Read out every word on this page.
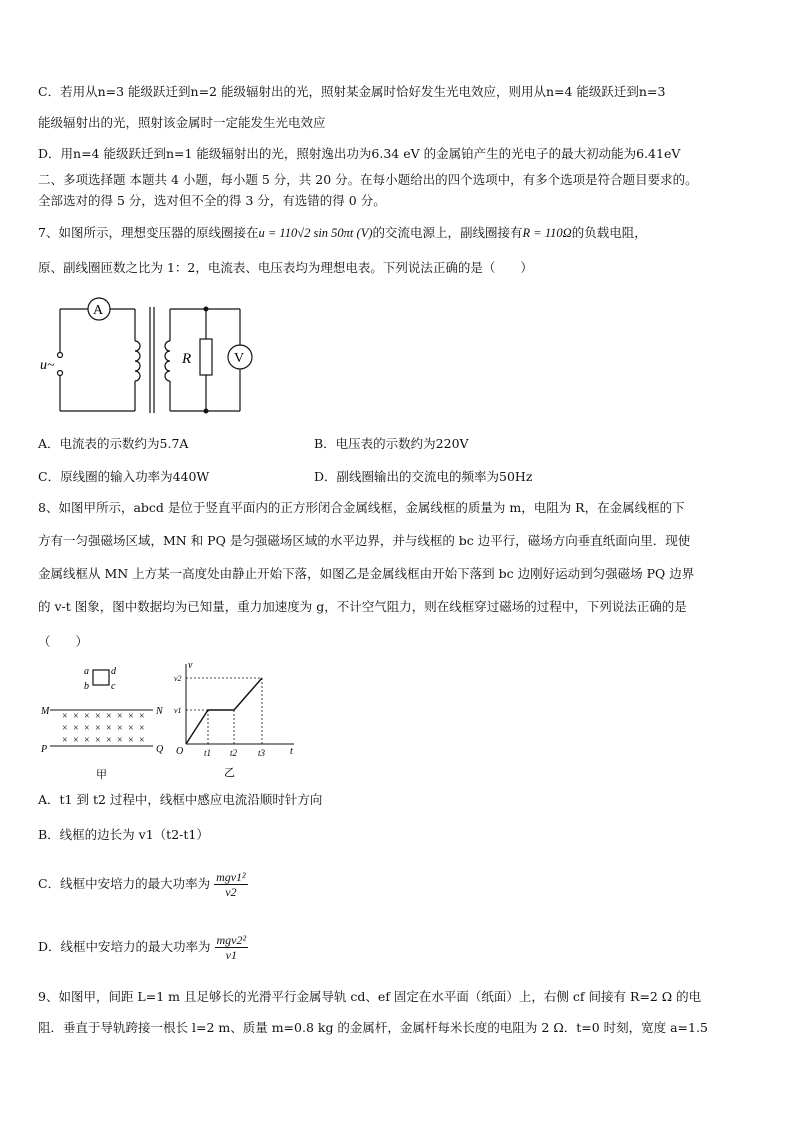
C．若用从n=3 能级跃迁到n=2 能级辐射出的光，照射某金属时恰好发生光电效应，则用从n=4 能级跃迁到n=3
能级辐射出的光，照射该金属时一定能发生光电效应
D．用n=4 能级跃迁到n=1 能级辐射出的光，照射逸出功为6.34 eV 的金属铂产生的光电子的最大初动能为6.41eV
二、多项选择题 本题共 4 小题，每小题 5 分，共 20 分。在每小题给出的四个选项中，有多个选项是符合题目要求的。
全部选对的得 5 分，选对但不全的得 3 分，有选错的得 0 分。
7、如图所示，理想变压器的原线圈接在u = 110√2 sin 50πt (V)的交流电源上，副线圈接有R = 110Ω的负载电阻，
原、副线圈匝数之比为 1：2，电流表、电压表均为理想电表。下列说法正确的是（　　）
A
V
R
u~
A．电流表的示数约为5.7A	B．电压表的示数约为220V
C．原线圈的输入功率为440W	D．副线圈输出的交流电的频率为50Hz
8、如图甲所示，abcd 是位于竖直平面内的正方形闭合金属线框，金属线框的质量为 m，电阻为 R，在金属线框的下
方有一匀强磁场区域，MN 和 PQ 是匀强磁场区域的水平边界，并与线框的 bc 边平行，磁场方向垂直纸面向里．现使
金属线框从 MN 上方某一高度处由静止开始下落，如图乙是金属线框由开始下落到 bc 边刚好运动到匀强磁场 PQ 边界
的 v-t 图象，图中数据均为已知量，重力加速度为 g，不计空气阻力，则在线框穿过磁场的过程中，下列说法正确的是
（　　）
a
b c
d
M	N
P	Q
× × × × × × × ×
× × × × × × × ×
× × × × × × × ×
甲
v
t
O
v2
v1
t1 t2 t3
乙
A．t1 到 t2 过程中，线框中感应电流沿顺时针方向
B．线框的边长为 v1（t2-t1）
C．线框中安培力的最大功率为 $\frac{\text{mgv1²}}{v2}$
D．线框中安培力的最大功率为 $\frac{\text{mgv2²}}{v1}$
9、如图甲，间距 L=1 m 且足够长的光滑平行金属导轨 cd、ef 固定在水平面（纸面）上，右侧 cf 间接有 R=2 Ω 的电
阻．垂直于导轨跨接一根长 l=2 m、质量 m=0.8 kg 的金属杆，金属杆每米长度的电阻为 2 Ω．t=0 时刻，宽度 a=1.5
